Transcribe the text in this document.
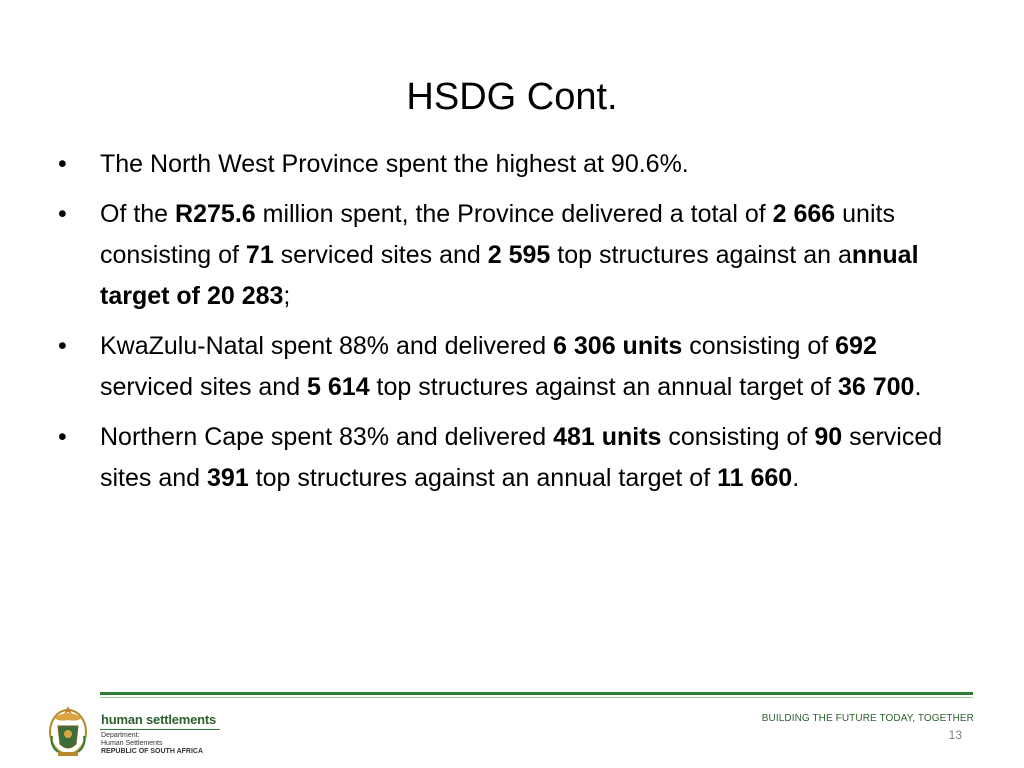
HSDG Cont.
•	The North West Province spent the highest at 90.6%.
•	Of the R275.6 million spent, the Province delivered a total of 2 666 units consisting of 71 serviced sites and 2 595 top structures against an annual target of 20 283;
•	KwaZulu-Natal spent 88% and delivered 6 306 units consisting of 692 serviced sites and 5 614 top structures against an annual target of 36 700.
•	Northern Cape spent 83% and delivered 481 units consisting of 90 serviced sites and 391 top structures against an annual target of 11 660.
human settlements
Department:
Human Settlements
REPUBLIC OF SOUTH AFRICA
BUILDING THE FUTURE TODAY, TOGETHER
13
